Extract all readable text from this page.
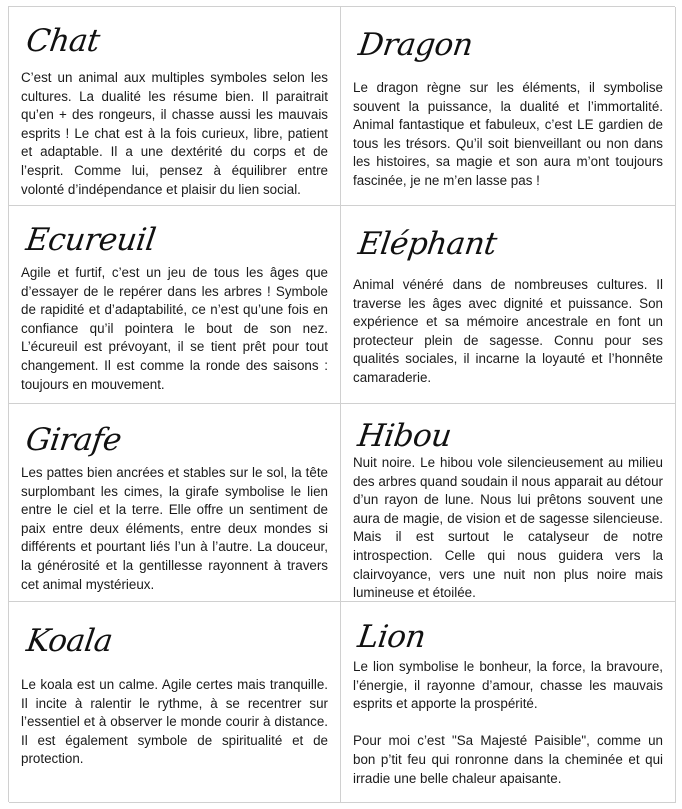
Chat

C’est un animal aux multiples symboles selon les cultures. La dualité les résume bien. Il paraitrait qu’en + des rongeurs, il chasse aussi les mauvais esprits ! Le chat est à la fois curieux, libre, patient et adaptable. Il a une dextérité du corps et de l’esprit. Comme lui, pensez à équilibrer entre volonté d’indépendance et plaisir du lien social.

Dragon

Le dragon règne sur les éléments, il symbolise souvent la puissance, la dualité et l’immortalité. Animal fantastique et fabuleux, c’est LE gardien de tous les trésors. Qu’il soit bienveillant ou non dans les histoires, sa magie et son aura m’ont toujours fascinée, je ne m’en lasse pas !

Ecureuil

Agile et furtif, c’est un jeu de tous les âges que d’essayer de le repérer dans les arbres ! Symbole de rapidité et d’adaptabilité, ce n’est qu’une fois en confiance qu’il pointera le bout de son nez. L’écureuil est prévoyant, il se tient prêt pour tout changement. Il est comme la ronde des saisons : toujours en mouvement.

Eléphant

Animal vénéré dans de nombreuses cultures. Il traverse les âges avec dignité et puissance. Son expérience et sa mémoire ancestrale en font un protecteur plein de sagesse. Connu pour ses qualités sociales, il incarne la loyauté et l’honnête camaraderie.

Girafe

Les pattes bien ancrées et stables sur le sol, la tête surplombant les cimes, la girafe symbolise le lien entre le ciel et la terre. Elle offre un sentiment de paix entre deux éléments, entre deux mondes si différents et pourtant liés l’un à l’autre. La douceur, la générosité et la gentillesse rayonnent à travers cet animal mystérieux.

Hibou

Nuit noire. Le hibou vole silencieusement au milieu des arbres quand soudain il nous apparait au détour d’un rayon de lune. Nous lui prêtons souvent une aura de magie, de vision et de sagesse silencieuse. Mais il est surtout le catalyseur de notre introspection. Celle qui nous guidera vers la clairvoyance, vers une nuit non plus noire mais lumineuse et étoilée.

Koala

Le koala est un calme. Agile certes mais tranquille. Il incite à ralentir le rythme, à se recentrer sur l’essentiel et à observer le monde courir à distance. Il est également symbole de spiritualité et de protection.

Lion

Le lion symbolise le bonheur, la force, la bravoure, l’énergie, il rayonne d’amour, chasse les mauvais esprits et apporte la prospérité.

Pour moi c’est "Sa Majesté Paisible", comme un bon p’tit feu qui ronronne dans la cheminée et qui irradie une belle chaleur apaisante.
